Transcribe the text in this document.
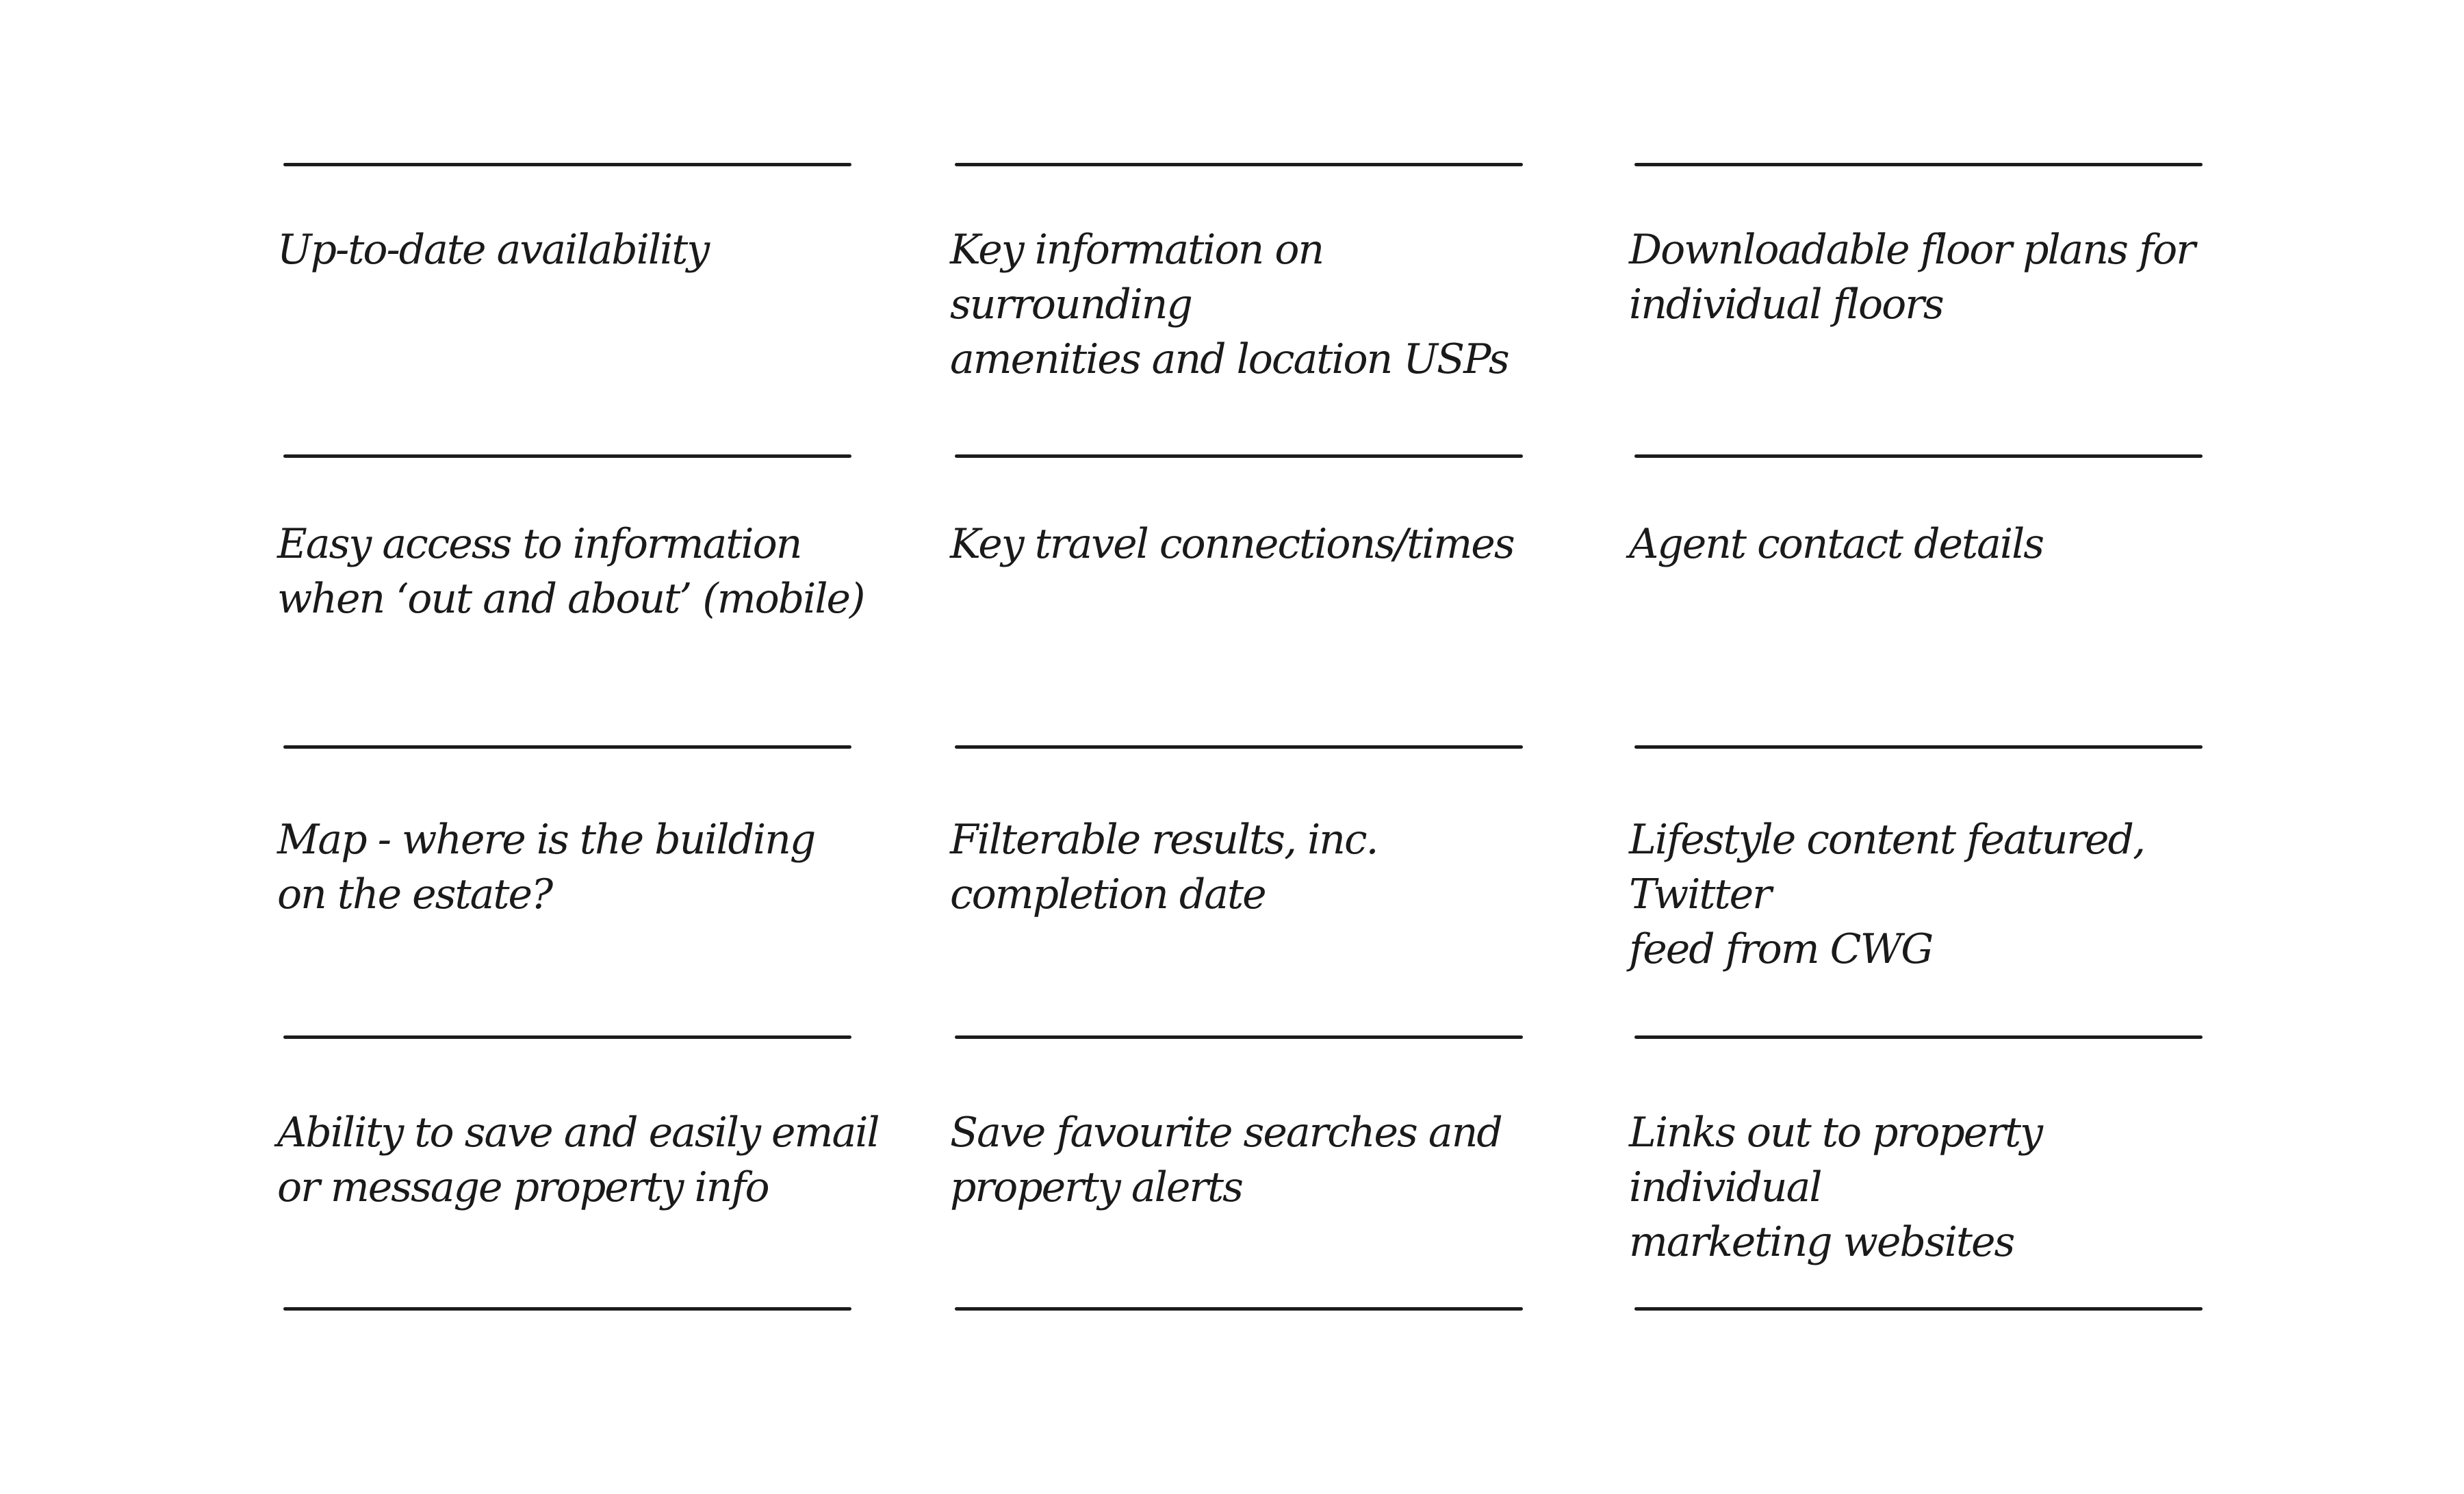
Up-to-date availability	Key information on surrounding
amenities and location USPs

Downloadable floor plans for
individual floors

Easy access to information
when ‘out and about’ (mobile)

Key travel connections/times	Agent contact details

Map - where is the building
on the estate?

Filterable results, inc. completion date

Lifestyle content featured, Twitter
feed from CWG

Ability to save and easily email
or message property info

Save favourite searches and
property alerts

Links out to property individual
marketing websites
